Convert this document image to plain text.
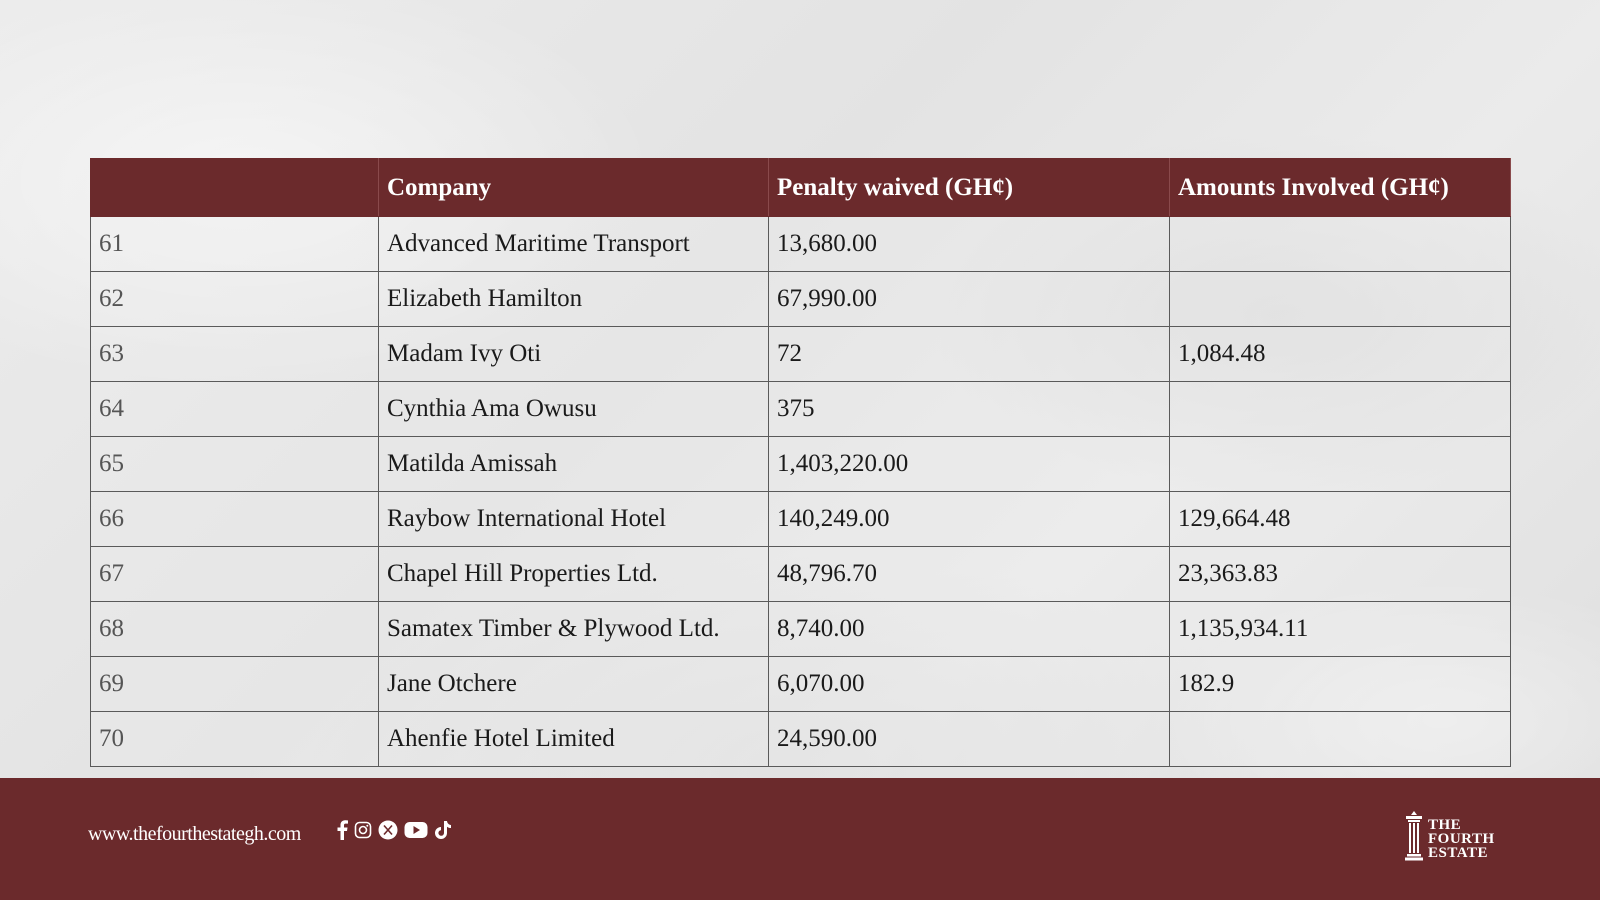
	Company	Penalty waived (GH¢)	Amounts Involved (GH¢)
61	Advanced Maritime Transport	13,680.00	
62	Elizabeth Hamilton	67,990.00	
63	Madam Ivy Oti	72	1,084.48
64	Cynthia Ama Owusu	375	
65	Matilda Amissah	1,403,220.00	
66	Raybow International Hotel	140,249.00	129,664.48
67	Chapel Hill Properties Ltd.	48,796.70	23,363.83
68	Samatex Timber & Plywood Ltd.	8,740.00	1,135,934.11
69	Jane Otchere	6,070.00	182.9
70	Ahenfie Hotel Limited	24,590.00	
www.thefourthestategh.com	THE
FOURTH
ESTATE
